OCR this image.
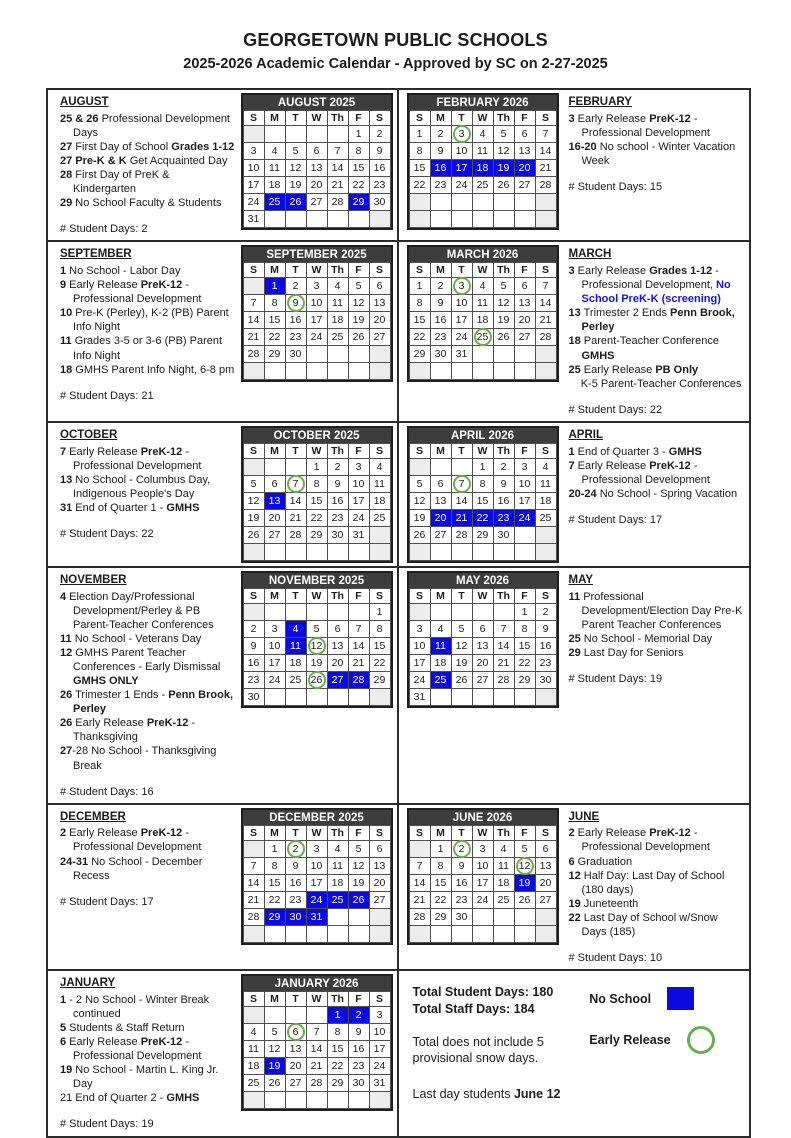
GEORGETOWN PUBLIC SCHOOLS
2025-2026 Academic Calendar - Approved by SC on 2-27-2025
AUGUST

25 & 26 Professional Development Days

27 First Day of School Grades 1-12

27 Pre-K & K Get Acquainted Day

28 First Day of PreK & Kindergarten

29 No School Faculty & Students

# Student Days: 2
AUGUST 2025
S	M	T	W	Th	F	S
					1	2
3	4	5	6	7	8	9
10	11	12	13	14	15	16
17	18	19	20	21	22	23
24	25	26	27	28	29	30
31						
FEBRUARY 2026
S	M	T	W	Th	F	S
1	2	3	4	5	6	7
8	9	10	11	12	13	14
15	16	17	18	19	20	21
22	23	24	25	26	27	28

FEBRUARY

3 Early Release PreK-12 - Professional Development

16-20 No school - Winter Vacation Week

# Student Days: 15
SEPTEMBER

1 No School - Labor Day

9 Early Release PreK-12 - Professional Development

10 Pre-K (Perley), K-2 (PB) Parent Info Night

11 Grades 3-5 or 3-6 (PB) Parent Info Night

18 GMHS Parent Info Night, 6-8 pm

# Student Days: 21
SEPTEMBER 2025
S	M	T	W	Th	F	S
	1	2	3	4	5	6
7	8	9	10	11	12	13
14	15	16	17	18	19	20
21	22	23	24	25	26	27
28	29	30				

MARCH 2026
S	M	T	W	Th	F	S
1	2	3	4	5	6	7
8	9	10	11	12	13	14
15	16	17	18	19	20	21
22	23	24	25	26	27	28
29	30	31				

MARCH

3 Early Release Grades 1-12 - Professional Development, No School PreK-K (screening)

13 Trimester 2 Ends Penn Brook, Perley

18 Parent-Teacher Conference GMHS

25 Early Release PB Only

K-5 Parent-Teacher Conferences

# Student Days: 22
OCTOBER

7 Early Release PreK-12 - Professional Development

13 No School - Columbus Day, Indigenous People's Day

31 End of Quarter 1 - GMHS

# Student Days: 22
OCTOBER 2025
S	M	T	W	Th	F	S
			1	2	3	4
5	6	7	8	9	10	11
12	13	14	15	16	17	18
19	20	21	22	23	24	25
26	27	28	29	30	31	

APRIL 2026
S	M	T	W	Th	F	S
			1	2	3	4
5	6	7	8	9	10	11
12	13	14	15	16	17	18
19	20	21	22	23	24	25
26	27	28	29	30		

APRIL

1 End of Quarter 3 - GMHS

7 Early Release PreK-12 - Professional Development

20-24 No School - Spring Vacation

# Student Days: 17
NOVEMBER

4 Election Day/Professional Development/Perley & PB Parent-Teacher Conferences

11 No School - Veterans Day

12 GMHS Parent Teacher Conferences - Early Dismissal GMHS ONLY

26 Trimester 1 Ends - Penn Brook, Perley

26 Early Release PreK-12 - Thanksgiving

27-28 No School - Thanksgiving Break

# Student Days: 16
NOVEMBER 2025
S	M	T	W	Th	F	S
						1
2	3	4	5	6	7	8
9	10	11	12	13	14	15
16	17	18	19	20	21	22
23	24	25	26	27	28	29
30						
MAY 2026
S	M	T	W	Th	F	S
					1	2
3	4	5	6	7	8	9
10	11	12	13	14	15	16
17	18	19	20	21	22	23
24	25	26	27	28	29	30
31						
MAY

11 Professional Development/Election Day Pre-K Parent Teacher Conferences

25 No School - Memorial Day

29 Last Day for Seniors

# Student Days: 19
DECEMBER

2 Early Release PreK-12 - Professional Development

24-31 No School - December Recess

# Student Days: 17
DECEMBER 2025
S	M	T	W	Th	F	S
	1	2	3	4	5	6
7	8	9	10	11	12	13
14	15	16	17	18	19	20
21	22	23	24	25	26	27
28	29	30	31			

JUNE 2026
S	M	T	W	Th	F	S
	1	2	3	4	5	6
7	8	9	10	11	12	13
14	15	16	17	18	19	20
21	22	23	24	25	26	27
28	29	30				

JUNE

2 Early Release PreK-12 - Professional Development

6 Graduation

12 Half Day: Last Day of School (180 days)

19 Juneteenth

22 Last Day of School w/Snow Days (185)

# Student Days: 10
JANUARY

1 - 2 No School - Winter Break continued

5 Students & Staff Return

6 Early Release PreK-12 - Professional Development

19 No School - Martin L. King Jr. Day

21 End of Quarter 2 - GMHS

# Student Days: 19
JANUARY 2026
S	M	T	W	Th	F	S
				1	2	3
4	5	6	7	8	9	10
11	12	13	14	15	16	17
18	19	20	21	22	23	24
25	26	27	28	29	30	31

Total Student Days: 180

Total Staff Days: 184

Total does not include 5 provisional snow days.
Last day students June 12
No School
Early Release
